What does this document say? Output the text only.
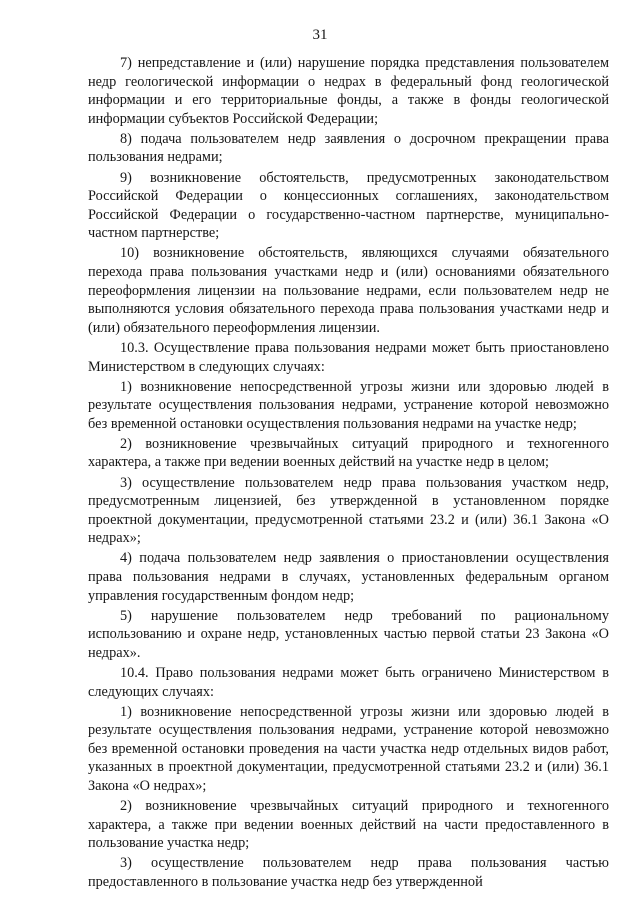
31

7) непредставление и (или) нарушение порядка представления пользователем недр геологической информации о недрах в федеральный фонд геологической информации и его территориальные фонды, а также в фонды геологической информации субъектов Российской Федерации;

8) подача пользователем недр заявления о досрочном прекращении права пользования недрами;

9) возникновение обстоятельств, предусмотренных законодательством Российской Федерации о концессионных соглашениях, законодательством Российской Федерации о государственно-частном партнерстве, муниципально-частном партнерстве;

10) возникновение обстоятельств, являющихся случаями обязательного перехода права пользования участками недр и (или) основаниями обязательного переоформления лицензии на пользование недрами, если пользователем недр не выполняются условия обязательного перехода права пользования участками недр и (или) обязательного переоформления лицензии.

10.3. Осуществление права пользования недрами может быть приостановлено Министерством в следующих случаях:

1) возникновение непосредственной угрозы жизни или здоровью людей в результате осуществления пользования недрами, устранение которой невозможно без временной остановки осуществления пользования недрами на участке недр;

2) возникновение чрезвычайных ситуаций природного и техногенного характера, а также при ведении военных действий на участке недр в целом;

3) осуществление пользователем недр права пользования участком недр, предусмотренным лицензией, без утвержденной в установленном порядке проектной документации, предусмотренной статьями 23.2 и (или) 36.1 Закона «О недрах»;

4) подача пользователем недр заявления о приостановлении осуществления права пользования недрами в случаях, установленных федеральным органом управления государственным фондом недр;

5) нарушение пользователем недр требований по рациональному использованию и охране недр, установленных частью первой статьи 23 Закона «О недрах».

10.4. Право пользования недрами может быть ограничено Министерством в следующих случаях:

1) возникновение непосредственной угрозы жизни или здоровью людей в результате осуществления пользования недрами, устранение которой невозможно без временной остановки проведения на части участка недр отдельных видов работ, указанных в проектной документации, предусмотренной статьями 23.2 и (или) 36.1 Закона «О недрах»;

2) возникновение чрезвычайных ситуаций природного и техногенного характера, а также при ведении военных действий на части предоставленного в пользование участка недр;

3) осуществление пользователем недр права пользования частью предоставленного в пользование участка недр без утвержденной
